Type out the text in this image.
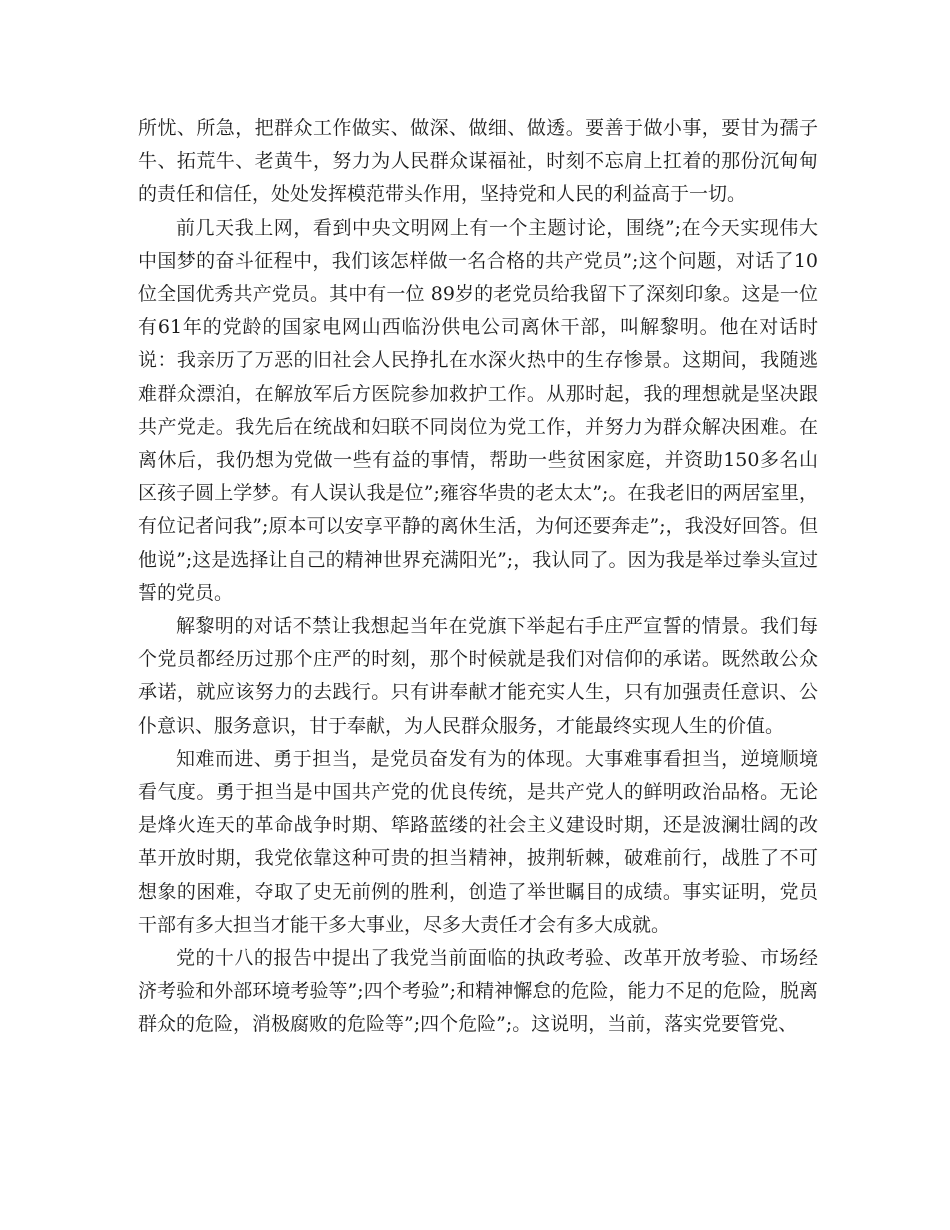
所忧、所急，把群众工作做实、做深、做细、做透。要善于做小事，要甘为孺子牛、拓荒牛、老黄牛，努力为人民群众谋福祉，时刻不忘肩上扛着的那份沉甸甸的责任和信任，处处发挥模范带头作用，坚持党和人民的利益高于一切。

前几天我上网，看到中央文明网上有一个主题讨论，围绕”;在今天实现伟大中国梦的奋斗征程中，我们该怎样做一名合格的共产党员”;这个问题，对话了10位全国优秀共产党员。其中有一位 89岁的老党员给我留下了深刻印象。这是一位有61年的党龄的国家电网山西临汾供电公司离休干部，叫解黎明。他在对话时说：我亲历了万恶的旧社会人民挣扎在水深火热中的生存惨景。这期间，我随逃难群众漂泊，在解放军后方医院参加救护工作。从那时起，我的理想就是坚决跟共产党走。我先后在统战和妇联不同岗位为党工作，并努力为群众解决困难。在离休后，我仍想为党做一些有益的事情，帮助一些贫困家庭，并资助150多名山区孩子圆上学梦。有人误认我是位”;雍容华贵的老太太”;。在我老旧的两居室里，有位记者问我”;原本可以安享平静的离休生活，为何还要奔走”;，我没好回答。但他说”;这是选择让自己的精神世界充满阳光”;，我认同了。因为我是举过拳头宣过誓的党员。

解黎明的对话不禁让我想起当年在党旗下举起右手庄严宣誓的情景。我们每个党员都经历过那个庄严的时刻，那个时候就是我们对信仰的承诺。既然敢公众承诺，就应该努力的去践行。只有讲奉献才能充实人生，只有加强责任意识、公仆意识、服务意识，甘于奉献，为人民群众服务，才能最终实现人生的价值。

知难而进、勇于担当，是党员奋发有为的体现。大事难事看担当，逆境顺境看气度。勇于担当是中国共产党的优良传统，是共产党人的鲜明政治品格。无论是烽火连天的革命战争时期、筚路蓝缕的社会主义建设时期，还是波澜壮阔的改革开放时期，我党依靠这种可贵的担当精神，披荆斩棘，破难前行，战胜了不可想象的困难，夺取了史无前例的胜利，创造了举世瞩目的成绩。事实证明，党员干部有多大担当才能干多大事业，尽多大责任才会有多大成就。

党的十八的报告中提出了我党当前面临的执政考验、改革开放考验、市场经济考验和外部环境考验等”;四个考验”;和精神懈怠的危险，能力不足的危险，脱离群众的危险，消极腐败的危险等”;四个危险”;。这说明，当前，落实党要管党、
